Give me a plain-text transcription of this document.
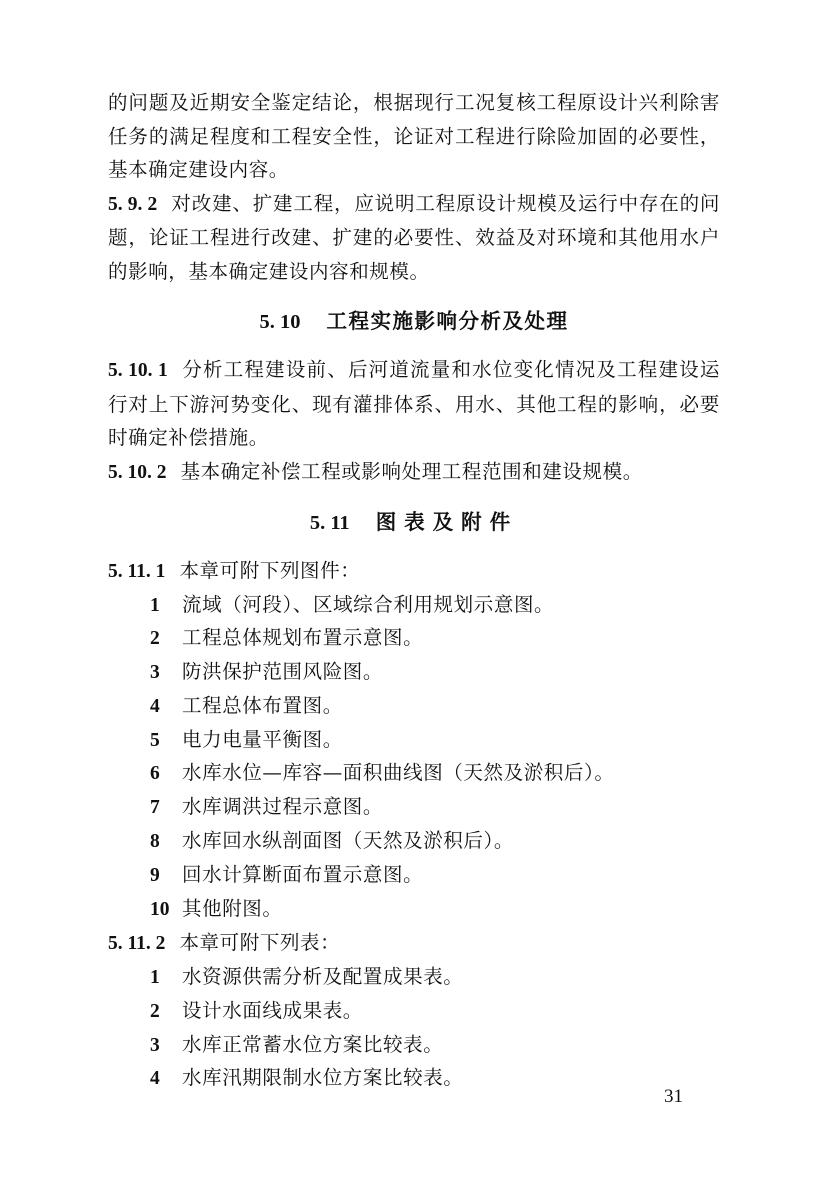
的问题及近期安全鉴定结论，根据现行工况复核工程原设计兴利除害任务的满足程度和工程安全性，论证对工程进行除险加固的必要性，基本确定建设内容。

5. 9. 2 对改建、扩建工程，应说明工程原设计规模及运行中存在的问题，论证工程进行改建、扩建的必要性、效益及对环境和其他用水户的影响，基本确定建设内容和规模。

5. 10 工程实施影响分析及处理

5. 10. 1 分析工程建设前、后河道流量和水位变化情况及工程建设运行对上下游河势变化、现有灌排体系、用水、其他工程的影响，必要时确定补偿措施。

5. 10. 2 基本确定补偿工程或影响处理工程范围和建设规模。

5. 11 图表及附件

5. 11. 1 本章可附下列图件：

1 流域（河段）、区域综合利用规划示意图。
2 工程总体规划布置示意图。
3 防洪保护范围风险图。
4 工程总体布置图。
5 电力电量平衡图。
6 水库水位—库容—面积曲线图（天然及淤积后）。
7 水库调洪过程示意图。
8 水库回水纵剖面图（天然及淤积后）。
9 回水计算断面布置示意图。
10 其他附图。

5. 11. 2 本章可附下列表：

1 水资源供需分析及配置成果表。
2 设计水面线成果表。
3 水库正常蓄水位方案比较表。
4 水库汛期限制水位方案比较表。
31
